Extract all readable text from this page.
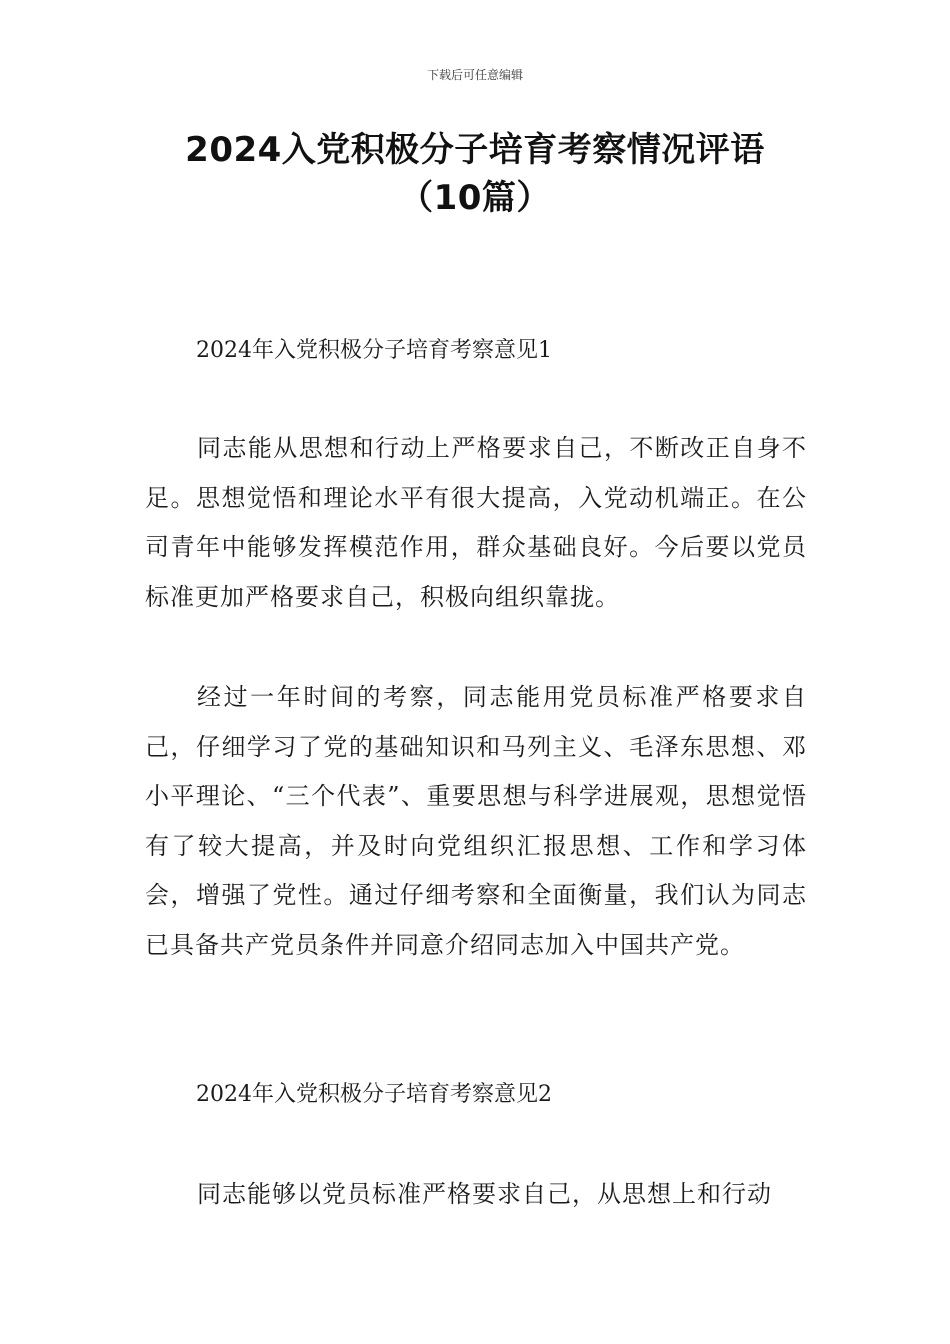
下载后可任意编辑
2024入党积极分子培育考察情况评语（10篇）

2024年入党积极分子培育考察意见1

同志能从思想和行动上严格要求自己，不断改正自身不足。思想觉悟和理论水平有很大提高，入党动机端正。在公司青年中能够发挥模范作用，群众基础良好。今后要以党员标准更加严格要求自己，积极向组织靠拢。

经过一年时间的考察，同志能用党员标准严格要求自己，仔细学习了党的基础知识和马列主义、毛泽东思想、邓小平理论、“三个代表”、重要思想与科学进展观，思想觉悟有了较大提高，并及时向党组织汇报思想、工作和学习体会，增强了党性。通过仔细考察和全面衡量，我们认为同志已具备共产党员条件并同意介绍同志加入中国共产党。

2024年入党积极分子培育考察意见2

同志能够以党员标准严格要求自己，从思想上和行动
